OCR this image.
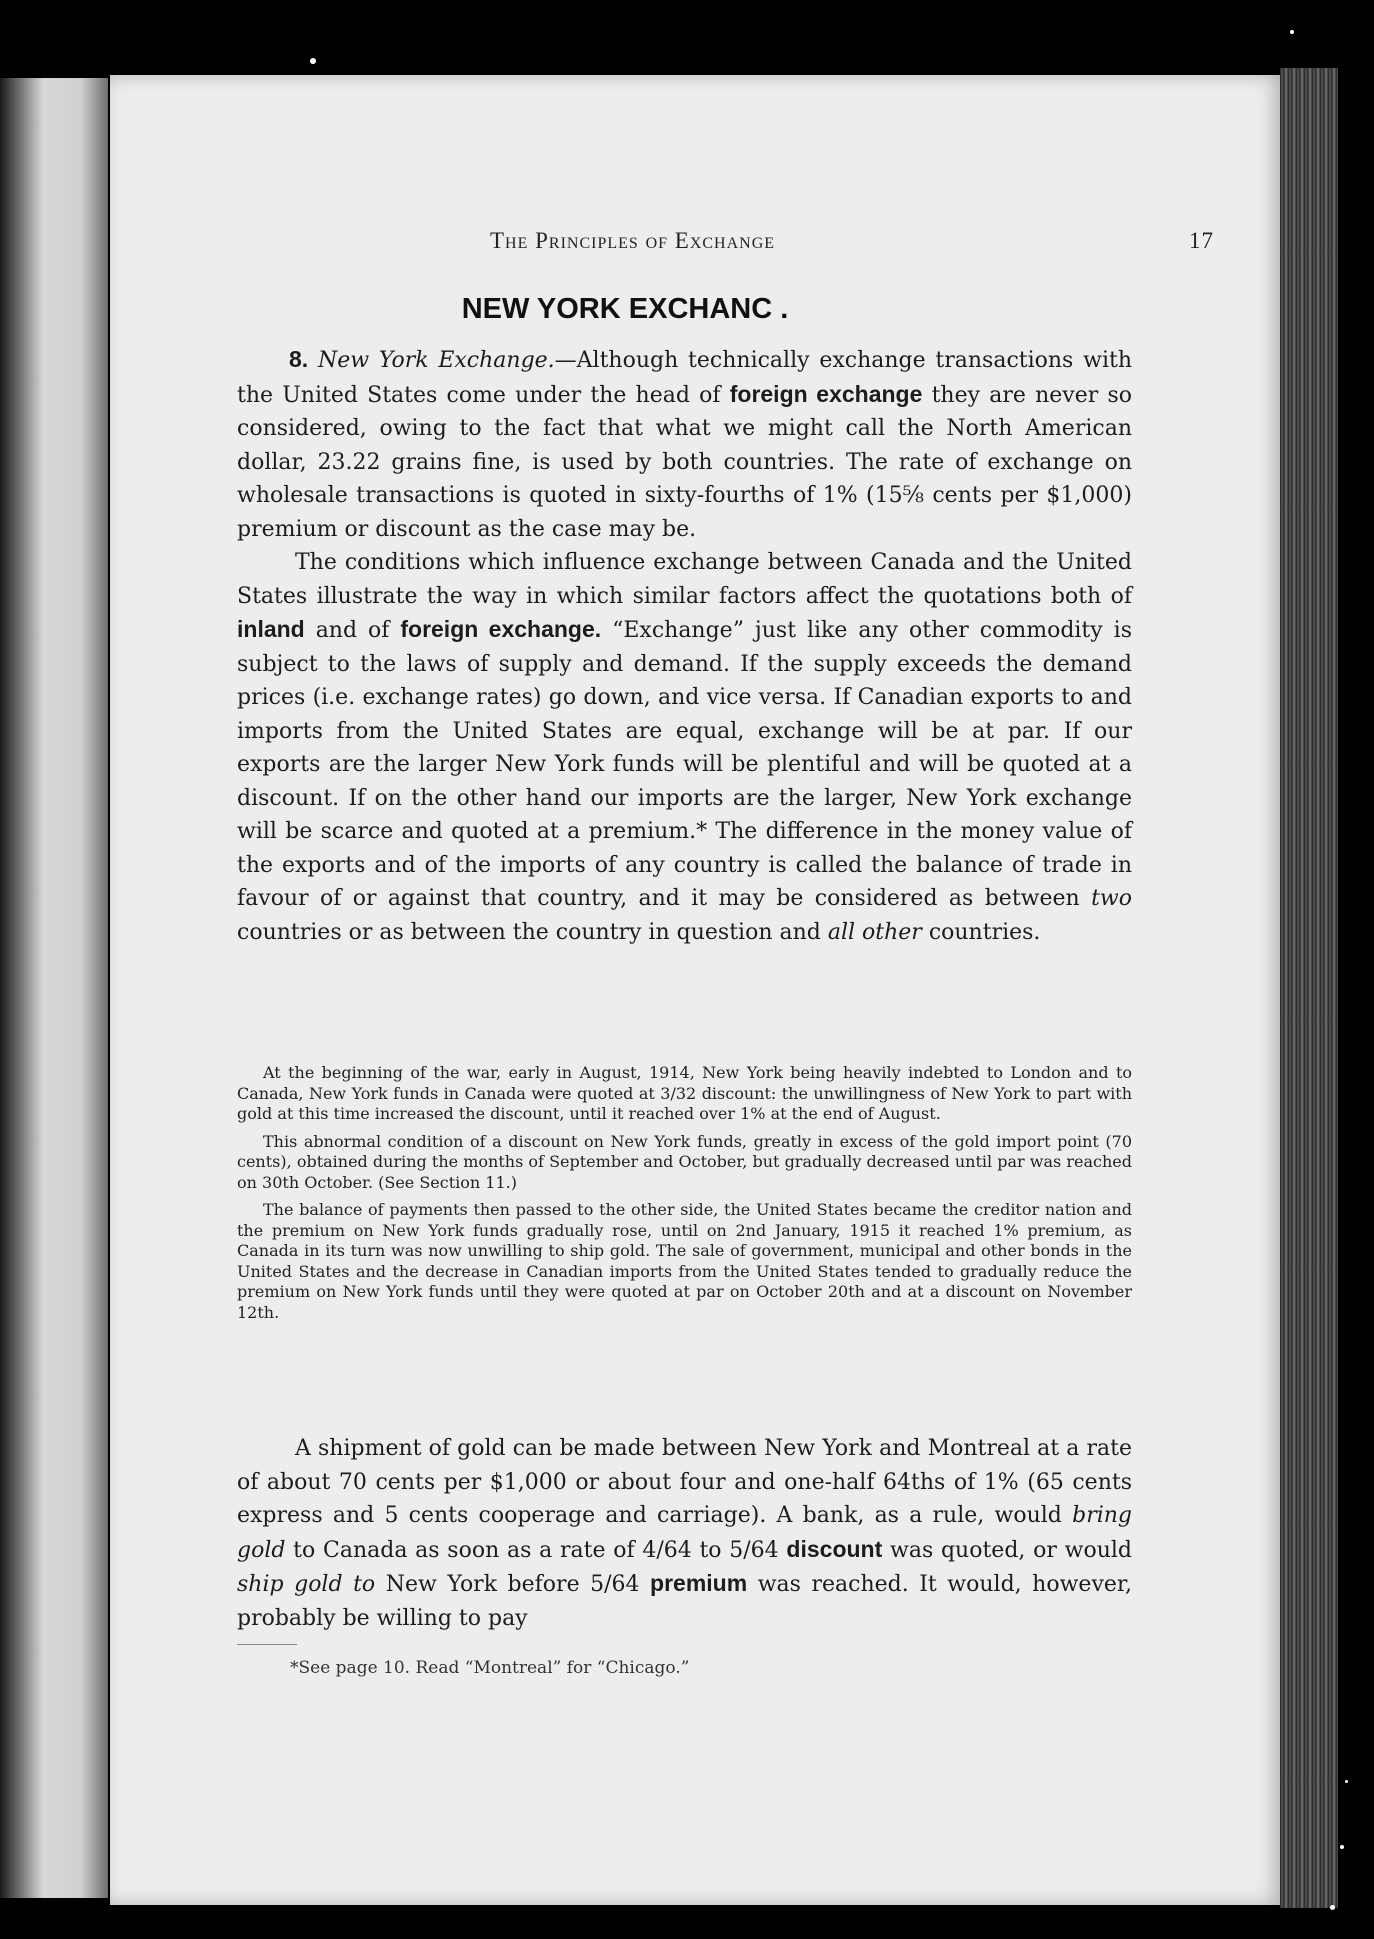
The Principles of Exchange	17
NEW YORK EXCHANC .

8. New York Exchange.—Although technically exchange transactions with the United States come under the head of foreign exchange they are never so considered, owing to the fact that what we might call the North American dollar, 23.22 grains fine, is used by both countries. The rate of exchange on wholesale transactions is quoted in sixty-fourths of 1% (15⅝ cents per $1,000) premium or discount as the case may be.

The conditions which influence exchange between Canada and the United States illustrate the way in which similar factors affect the quotations both of inland and of foreign exchange. “Exchange” just like any other commodity is subject to the laws of supply and demand. If the supply exceeds the demand prices (i.e. exchange rates) go down, and vice versa. If Canadian exports to and imports from the United States are equal, exchange will be at par. If our exports are the larger New York funds will be plentiful and will be quoted at a discount. If on the other hand our imports are the larger, New York exchange will be scarce and quoted at a premium.* The difference in the money value of the exports and of the imports of any country is called the balance of trade in favour of or against that country, and it may be considered as between two countries or as between the country in question and all other countries.

At the beginning of the war, early in August, 1914, New York being heavily indebted to London and to Canada, New York funds in Canada were quoted at 3/32 discount: the unwillingness of New York to part with gold at this time increased the discount, until it reached over 1% at the end of August.

This abnormal condition of a discount on New York funds, greatly in excess of the gold import point (70 cents), obtained during the months of September and October, but gradually decreased until par was reached on 30th October. (See Section 11.)

The balance of payments then passed to the other side, the United States became the creditor nation and the premium on New York funds gradually rose, until on 2nd January, 1915 it reached 1% premium, as Canada in its turn was now unwilling to ship gold. The sale of government, municipal and other bonds in the United States and the decrease in Canadian imports from the United States tended to gradually reduce the premium on New York funds until they were quoted at par on October 20th and at a discount on November 12th.

A shipment of gold can be made between New York and Montreal at a rate of about 70 cents per $1,000 or about four and one-half 64ths of 1% (65 cents express and 5 cents cooperage and carriage). A bank, as a rule, would bring gold to Canada as soon as a rate of 4/64 to 5/64 discount was quoted, or would ship gold to New York before 5/64 premium was reached. It would, however, probably be willing to pay

*See page 10. Read “Montreal” for “Chicago.”
